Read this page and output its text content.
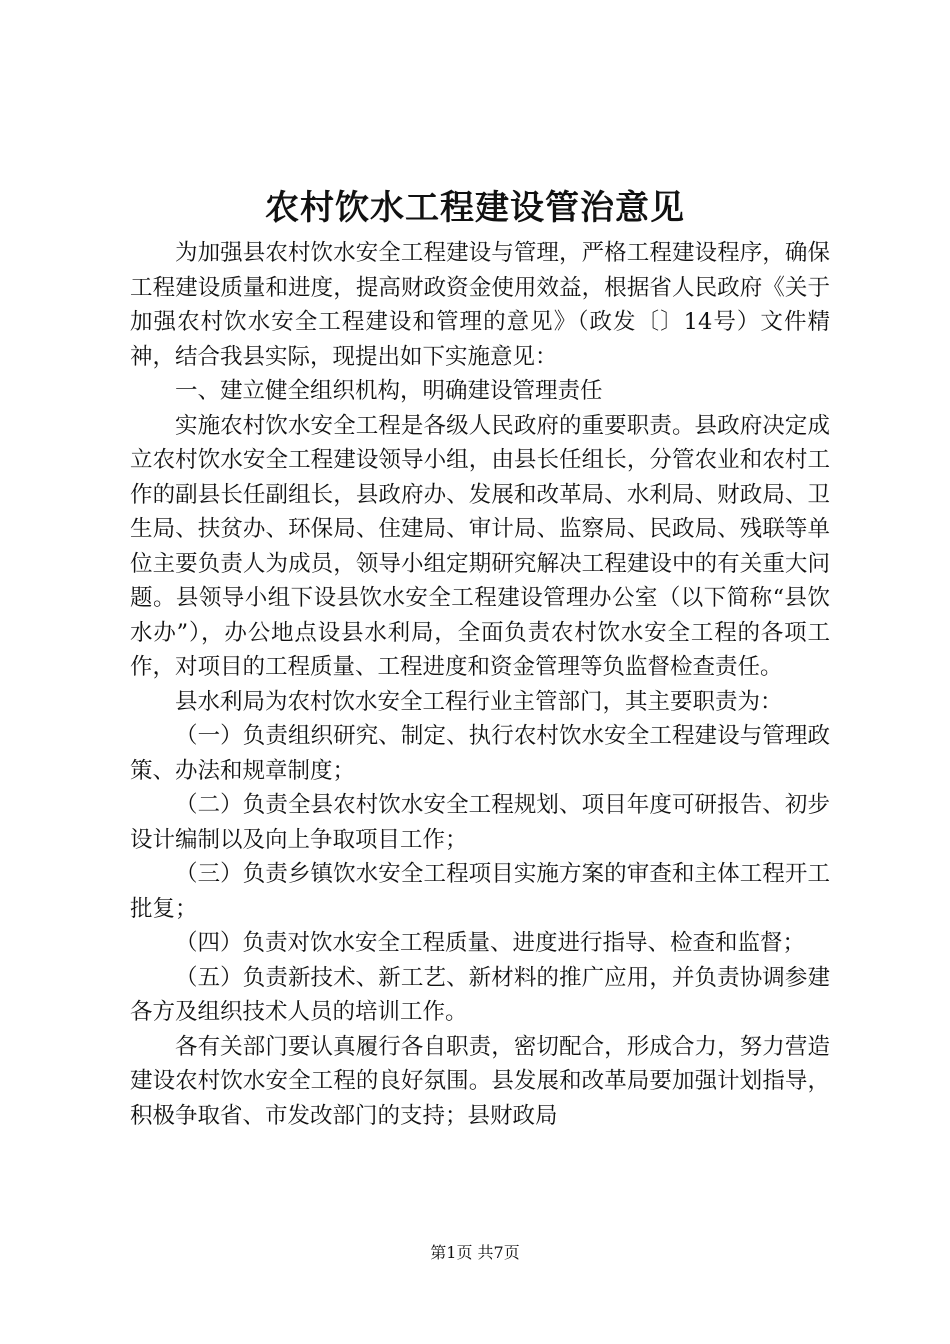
农村饮水工程建设管治意见

为加强县农村饮水安全工程建设与管理，严格工程建设程序，确保工程建设质量和进度，提高财政资金使用效益，根据省人民政府《关于加强农村饮水安全工程建设和管理的意见》（政发〔〕14号）文件精神，结合我县实际，现提出如下实施意见：

一、建立健全组织机构，明确建设管理责任

实施农村饮水安全工程是各级人民政府的重要职责。县政府决定成立农村饮水安全工程建设领导小组，由县长任组长，分管农业和农村工作的副县长任副组长，县政府办、发展和改革局、水利局、财政局、卫生局、扶贫办、环保局、住建局、审计局、监察局、民政局、残联等单位主要负责人为成员，领导小组定期研究解决工程建设中的有关重大问题。县领导小组下设县饮水安全工程建设管理办公室（以下简称“县饮水办”），办公地点设县水利局，全面负责农村饮水安全工程的各项工作，对项目的工程质量、工程进度和资金管理等负监督检查责任。

县水利局为农村饮水安全工程行业主管部门，其主要职责为：

（一）负责组织研究、制定、执行农村饮水安全工程建设与管理政策、办法和规章制度；

（二）负责全县农村饮水安全工程规划、项目年度可研报告、初步设计编制以及向上争取项目工作；

（三）负责乡镇饮水安全工程项目实施方案的审查和主体工程开工批复；

（四）负责对饮水安全工程质量、进度进行指导、检查和监督；

（五）负责新技术、新工艺、新材料的推广应用，并负责协调参建各方及组织技术人员的培训工作。

各有关部门要认真履行各自职责，密切配合，形成合力，努力营造建设农村饮水安全工程的良好氛围。县发展和改革局要加强计划指导，积极争取省、市发改部门的支持；县财政局

第1页 共7页
